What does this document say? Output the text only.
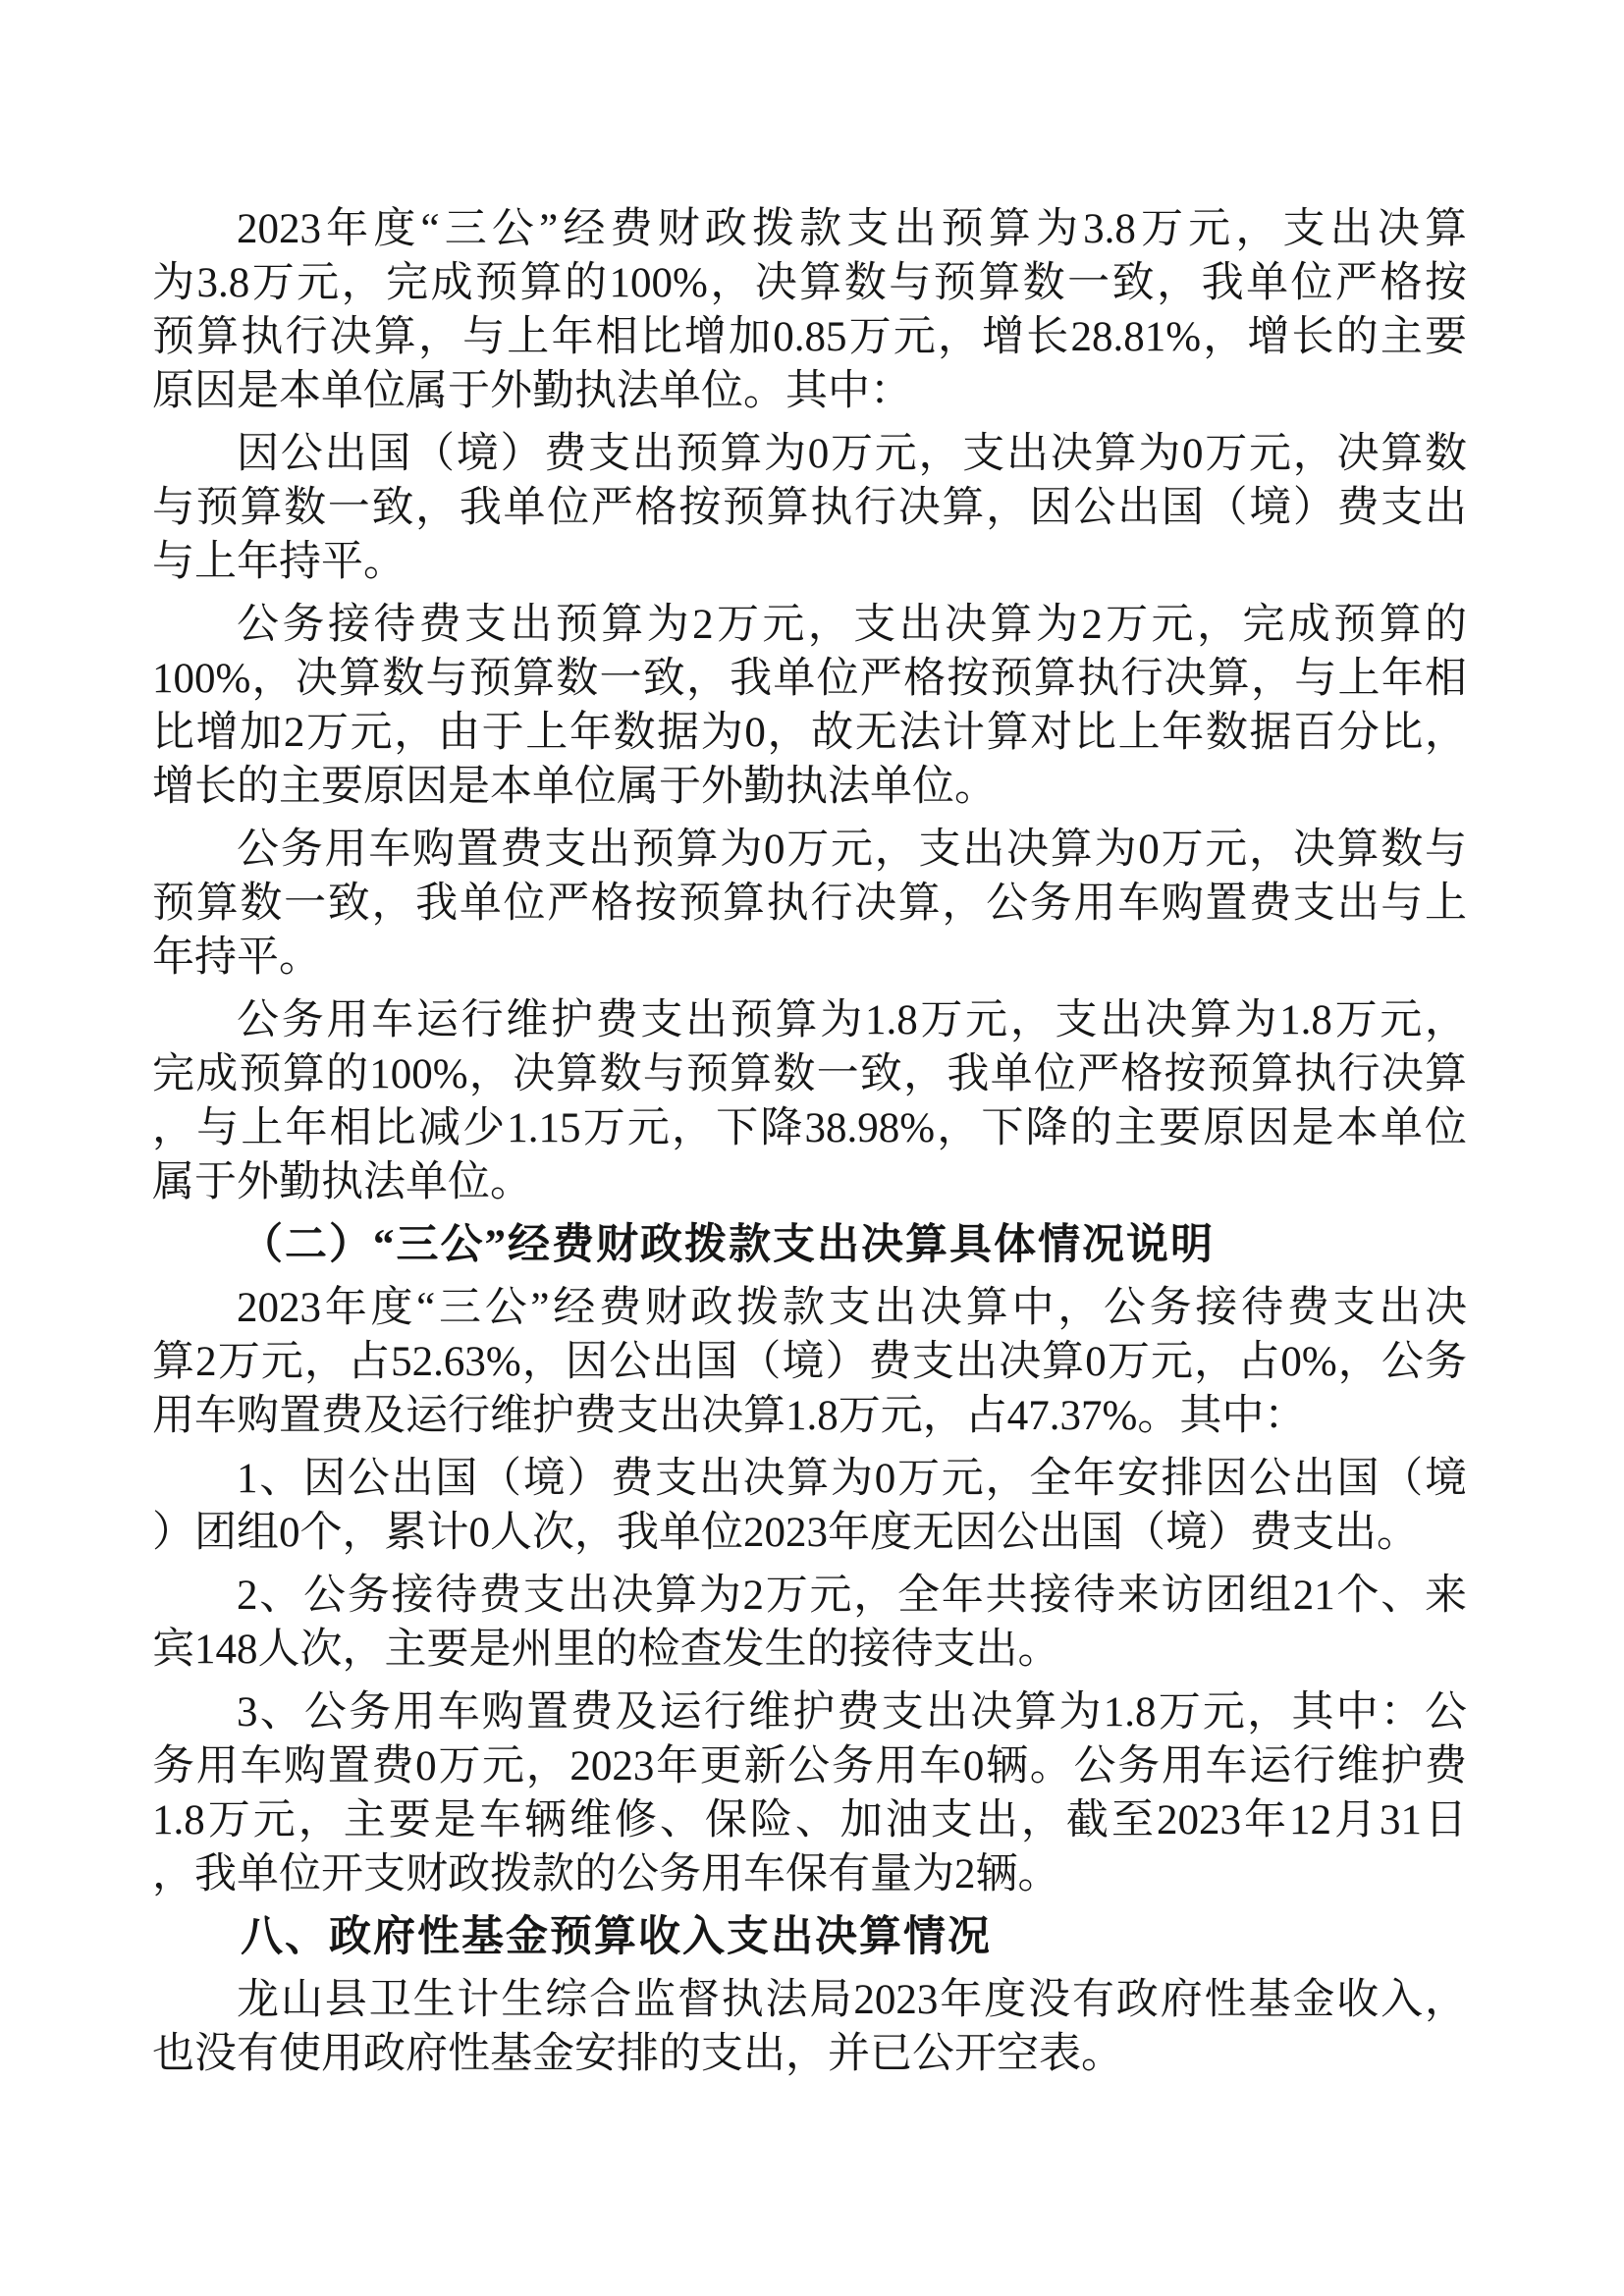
2023年度“三公”经费财政拨款支出预算为3.8万元，支出决算
为3.8万元，完成预算的100%，决算数与预算数一致，我单位严格按
预算执行决算，与上年相比增加0.85万元，增长28.81%，增长的主要
原因是本单位属于外勤执法单位。其中：
因公出国（境）费支出预算为0万元，支出决算为0万元，决算数
与预算数一致，我单位严格按预算执行决算，因公出国（境）费支出
与上年持平。
公务接待费支出预算为2万元，支出决算为2万元，完成预算的
100%，决算数与预算数一致，我单位严格按预算执行决算，与上年相
比增加2万元，由于上年数据为0，故无法计算对比上年数据百分比，
增长的主要原因是本单位属于外勤执法单位。
公务用车购置费支出预算为0万元，支出决算为0万元，决算数与
预算数一致，我单位严格按预算执行决算，公务用车购置费支出与上
年持平。
公务用车运行维护费支出预算为1.8万元，支出决算为1.8万元，
完成预算的100%，决算数与预算数一致，我单位严格按预算执行决算
，与上年相比减少1.15万元，下降38.98%，下降的主要原因是本单位
属于外勤执法单位。
（二）“三公”经费财政拨款支出决算具体情况说明
2023年度“三公”经费财政拨款支出决算中，公务接待费支出决
算2万元，占52.63%，因公出国（境）费支出决算0万元，占0%，公务
用车购置费及运行维护费支出决算1.8万元，占47.37%。其中：
1、因公出国（境）费支出决算为0万元，全年安排因公出国（境
）团组0个，累计0人次，我单位2023年度无因公出国（境）费支出。
2、公务接待费支出决算为2万元，全年共接待来访团组21个、来
宾148人次，主要是州里的检查发生的接待支出。
3、公务用车购置费及运行维护费支出决算为1.8万元，其中：公
务用车购置费0万元，2023年更新公务用车0辆。公务用车运行维护费
1.8万元，主要是车辆维修、保险、加油支出，截至2023年12月31日
，我单位开支财政拨款的公务用车保有量为2辆。
八、政府性基金预算收入支出决算情况
龙山县卫生计生综合监督执法局2023年度没有政府性基金收入，
也没有使用政府性基金安排的支出，并已公开空表。
